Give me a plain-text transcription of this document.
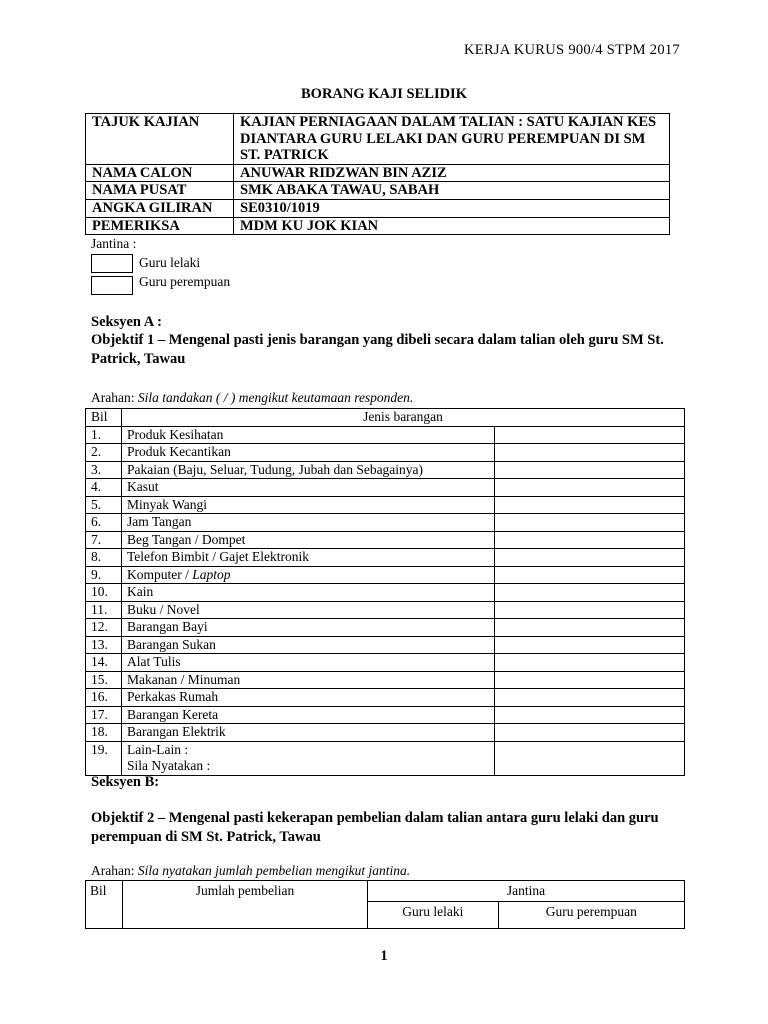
KERJA KURUS 900/4 STPM 2017
BORANG KAJI SELIDIK
TAJUK KAJIAN	KAJIAN PERNIAGAAN DALAM TALIAN : SATU KAJIAN KES DIANTARA GURU LELAKI DAN GURU PEREMPUAN DI SM ST. PATRICK
NAMA CALON	ANUWAR RIDZWAN BIN AZIZ
NAMA PUSAT	SMK ABAKA TAWAU, SABAH
ANGKA GILIRAN	SE0310/1019
PEMERIKSA	MDM KU JOK KIAN
Jantina :
Guru lelaki
Guru perempuan
Seksyen A :
Objektif 1 – Mengenal pasti jenis barangan yang dibeli secara dalam talian oleh guru SM St. Patrick, Tawau
Arahan: Sila tandakan ( / ) mengikut keutamaan responden.
Bil	Jenis barangan	
1.	Produk Kesihatan	
2.	Produk Kecantikan	
3.	Pakaian (Baju, Seluar, Tudung, Jubah dan Sebagainya)	
4.	Kasut	
5.	Minyak Wangi	
6.	Jam Tangan	
7.	Beg Tangan / Dompet	
8.	Telefon Bimbit / Gajet Elektronik	
9.	Komputer / Laptop	
10.	Kain	
11.	Buku / Novel	
12.	Barangan Bayi	
13.	Barangan Sukan	
14.	Alat Tulis	
15.	Makanan / Minuman	
16.	Perkakas Rumah	
17.	Barangan Kereta	
18.	Barangan Elektrik	
19.	Lain-Lain :
Sila Nyatakan :	
Seksyen B:
Objektif 2 – Mengenal pasti kekerapan pembelian dalam talian antara guru lelaki dan guru perempuan di SM St. Patrick, Tawau
Arahan: Sila nyatakan jumlah pembelian mengikut jantina.
Bil	Jumlah pembelian	Jantina	
		Guru lelaki	Guru perempuan
1
